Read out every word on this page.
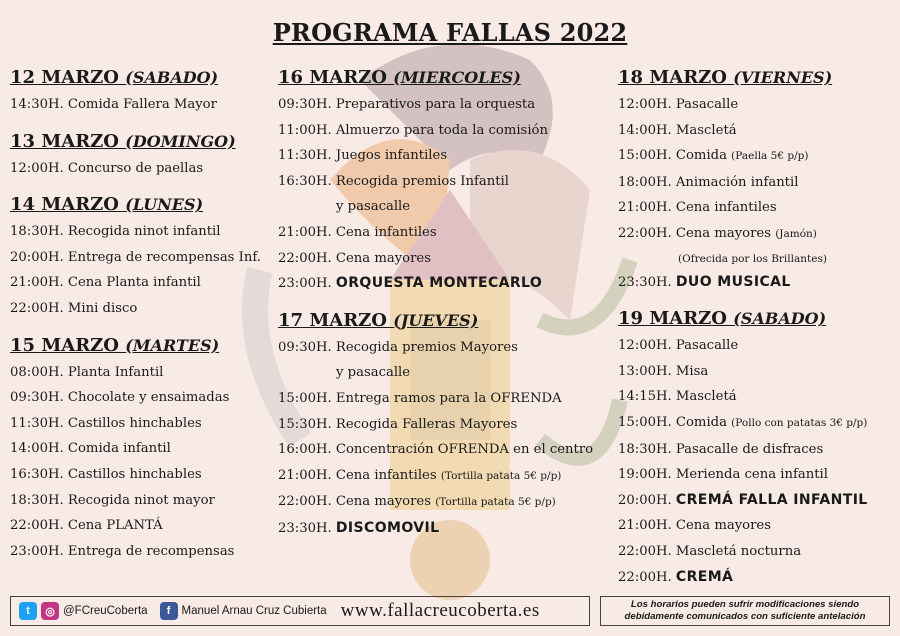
PROGRAMA FALLAS 2022
12 MARZO (SABADO)
14:30H. Comida Fallera Mayor
13 MARZO (DOMINGO)
12:00H. Concurso de paellas
14 MARZO (LUNES)
18:30H. Recogida ninot infantil
20:00H. Entrega de recompensas Inf.
21:00H. Cena Planta infantil
22:00H. Mini disco
15 MARZO (MARTES)
08:00H. Planta Infantil
09:30H. Chocolate y ensaimadas
11:30H. Castillos hinchables
14:00H. Comida infantil
16:30H. Castillos hinchables
18:30H. Recogida ninot mayor
22:00H. Cena PLANTÁ
23:00H. Entrega de recompensas
16 MARZO (MIERCOLES)
09:30H. Preparativos para la orquesta
11:00H. Almuerzo para toda la comisión
11:30H. Juegos infantiles
16:30H. Recogida premios Infantil
y pasacalle
21:00H. Cena infantiles
22:00H. Cena mayores
23:00H. ORQUESTA MONTECARLO
17 MARZO (JUEVES)
09:30H. Recogida premios Mayores
y pasacalle
15:00H. Entrega ramos para la OFRENDA
15:30H. Recogida Falleras Mayores
16:00H. Concentración OFRENDA en el centro
21:00H. Cena infantiles (Tortilla patata 5€ p/p)
22:00H. Cena mayores (Tortilla patata 5€ p/p)
23:30H. DISCOMOVIL
18 MARZO (VIERNES)
12:00H. Pasacalle
14:00H. Mascletá
15:00H. Comida (Paella 5€ p/p)
18:00H. Animación infantil
21:00H. Cena infantiles
22:00H. Cena mayores (Jamón)
(Ofrecida por los Brillantes)
23:30H. DUO MUSICAL
19 MARZO (SABADO)
12:00H. Pasacalle
13:00H. Misa
14:15H. Mascletá
15:00H. Comida (Pollo con patatas 3€ p/p)
18:30H. Pasacalle de disfraces
19:00H. Merienda cena infantil
20:00H. CREMÁ FALLA INFANTIL
21:00H. Cena mayores
22:00H. Mascletá nocturna
22:00H. CREMÁ
t	◎ @FCreuCoberta	f Manuel Arnau Cruz Cubierta www.fallacreucoberta.es	Los horarios pueden sufrir modificaciones siendo
debidamente comunicados con suficiente antelación
